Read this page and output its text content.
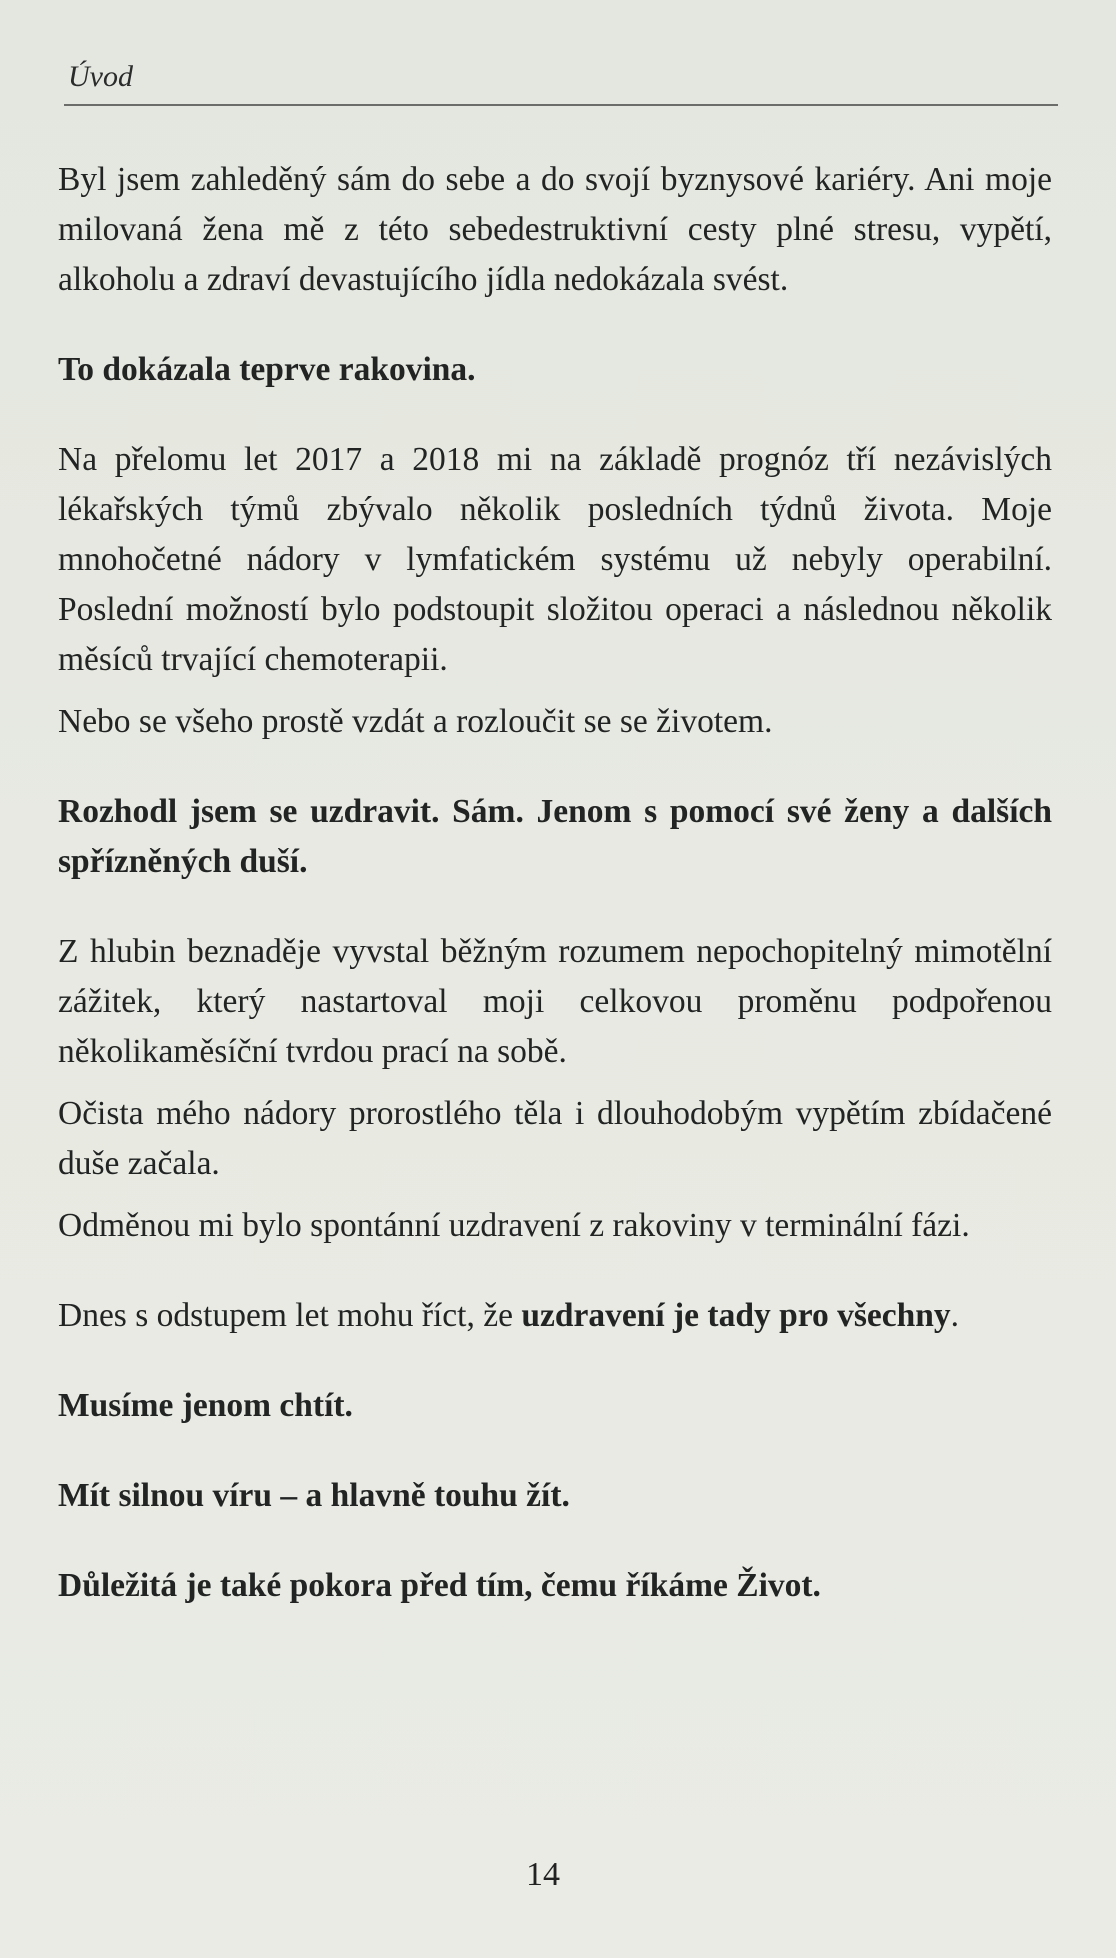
Úvod

Byl jsem zahleděný sám do sebe a do svojí byznysové kariéry. Ani moje milovaná žena mě z této sebedestruktivní cesty plné stresu, vypětí, alkoholu a zdraví devastujícího jídla nedokázala svést.

To dokázala teprve rakovina.

Na přelomu let 2017 a 2018 mi na základě prognóz tří nezávislých lékařských týmů zbývalo několik posledních týdnů života. Moje mnohočetné nádory v lymfatickém systému už nebyly operabilní. Poslední možností bylo podstoupit složitou operaci a následnou několik měsíců trvající chemoterapii.

Nebo se všeho prostě vzdát a rozloučit se se životem.

Rozhodl jsem se uzdravit. Sám. Jenom s pomocí své ženy a dalších spřízněných duší.

Z hlubin beznaděje vyvstal běžným rozumem nepochopitelný mimotělní zážitek, který nastartoval moji celkovou proměnu podpořenou několikaměsíční tvrdou prací na sobě.

Očista mého nádory prorostlého těla i dlouhodobým vypětím zbídačené duše začala.

Odměnou mi bylo spontánní uzdravení z rakoviny v terminální fázi.

Dnes s odstupem let mohu říct, že uzdravení je tady pro všechny.

Musíme jenom chtít.

Mít silnou víru – a hlavně touhu žít.

Důležitá je také pokora před tím, čemu říkáme Život.

14
